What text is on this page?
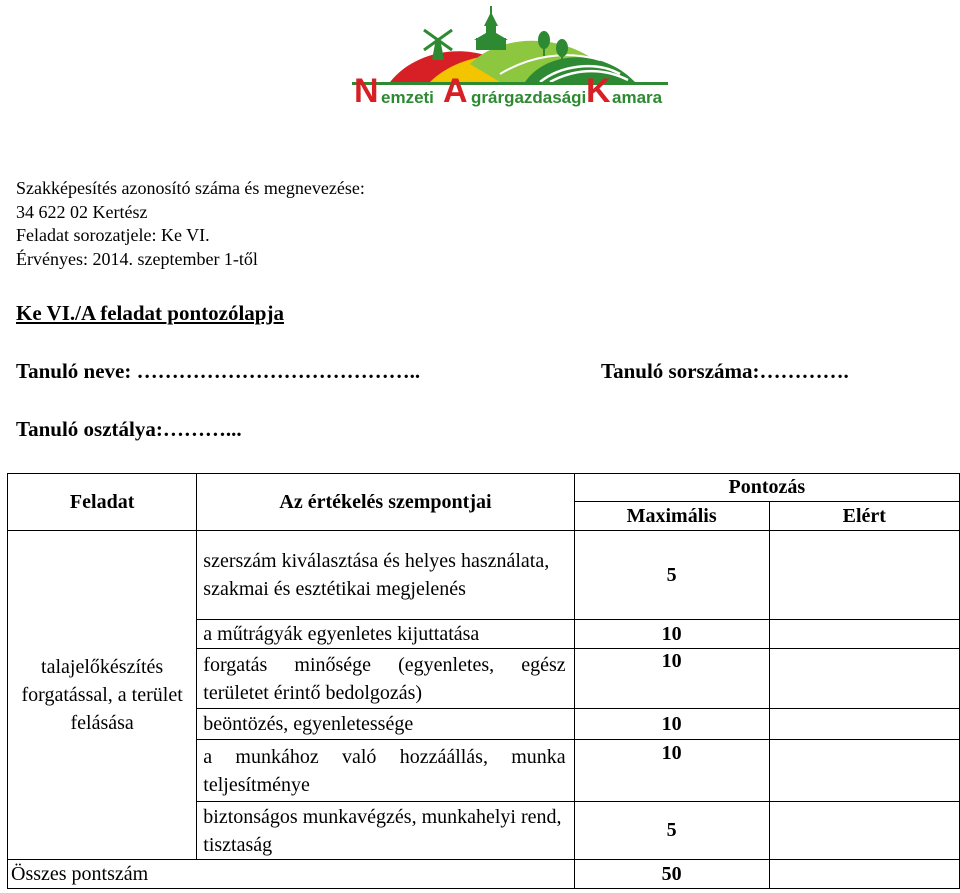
N emzeti A grárgazdasági K amara
Szakképesítés azonosító száma és megnevezése:
34 622 02 Kertész
Feladat sorozatjele: Ke VI.
Érvényes: 2014. szeptember 1-től
Ke VI./A feladat pontozólapja
Tanuló neve: …………………………………..	Tanuló sorszáma:………….
Tanuló osztálya:………...
Feladat	Az értékelés szempontjai	Pontozás	
		Maximális	Elért
talajelőkészítés forgatással, a terület felásása	szerszám kiválasztása és helyes használata, szakmai és esztétikai megjelenés	5	
	a műtrágyák egyenletes kijuttatása	10	
	forgatás minősége (egyenletes, egész területet érintő bedolgozás)	10	
	beöntözés, egyenletessége	10	
	a munkához való hozzáállás, munka teljesítménye	10	
	biztonságos munkavégzés, munkahelyi rend, tisztaság	5	
Összes pontszám		50	
